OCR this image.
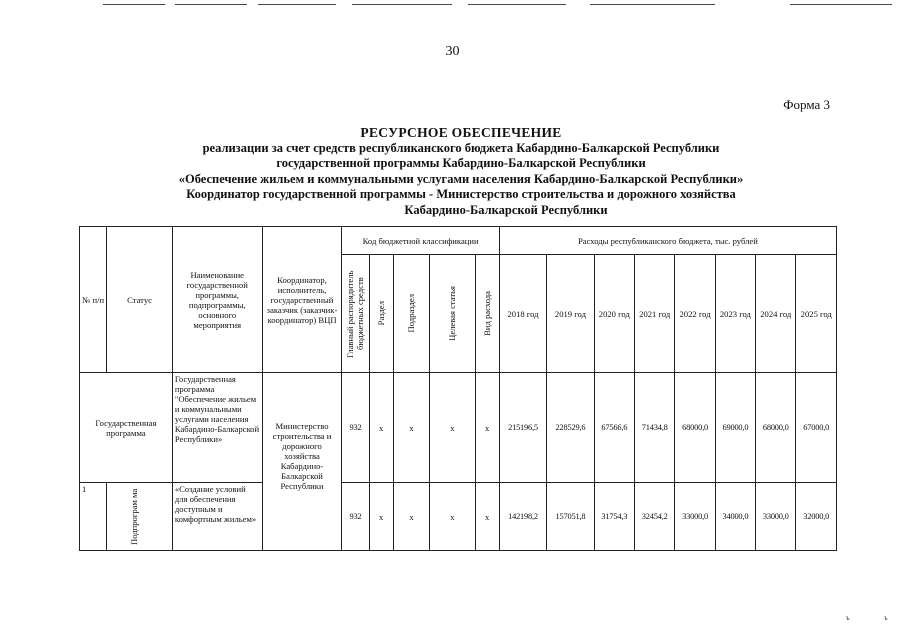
30
Форма 3
РЕСУРСНОЕ ОБЕСПЕЧЕНИЕ
реализации за счет средств республиканского бюджета Кабардино-Балкарской Республики
государственной программы Кабардино-Балкарской Республики
«Обеспечение жильем и коммунальными услугами населения Кабардино-Балкарской Республики»
Координатор государственной программы - Министерство строительства и дорожного хозяйства
Кабардино-Балкарской Республики
№ п/п	Статус	Наименование государственной программы, подпрограммы, основного мероприятия	Координатор, исполнитель, государственный заказчик (заказчик-координатор) ВЦП	Код бюджетной классификации					Расходы республиканского бюджета, тыс. рублей							

				Главный распорядитель бюджетных средств	Раздел	Подраздел	Целевая статья	Вид расхода	2018 год	2019 год	2020 год	2021 год	2022 год	2023 год	2024 год	2025 год
Государственная программа		Государственная программа "Обеспечение жильем и коммунальными услугами населения Кабардино-Балкарской Республики»	Министерство строительства и дорожного хозяйства Кабардино-Балкарской Республики	932	x	x	x	x	215196,5	228529,6	67566,6	71434,8	68000,0	69000,0	68000,0	67000,0
1	Подпрограм ма	«Создание условий для обеспечения доступным и комфортным жильем»		932	x	x	x	x	142198,2	157051,8	31754,3	32454,2	33000,0	34000,0	33000,0	32000,0
ъ	ъ
